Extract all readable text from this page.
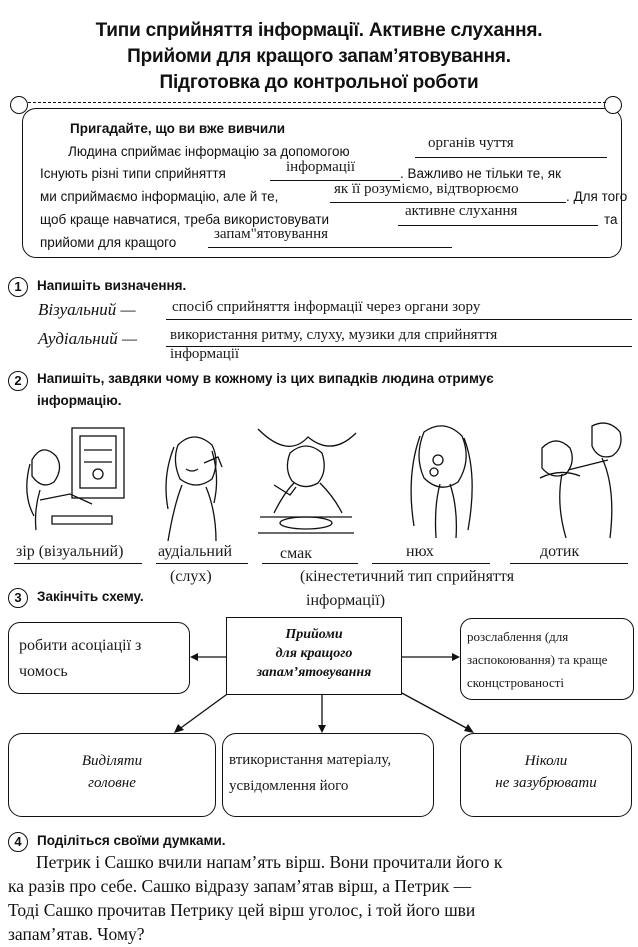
Типи сприйняття інформації. Активне слухання.
Прийоми для кращого запам’ятовування.
Підготовка до контрольної роботи
Пригадайте, що ви вже вивчили
Людина сприймає інформацію за допомогою
органів чуття
Існують різні типи сприйняття	інформації	. Важливо не тільки те, як
ми сприймаємо інформацію, але й те,	як її розуміємо, відтворюємо	. Для того
щоб краще навчатися, треба використовувати
активне слухання
та
прийоми для кращого
запам"ятовування
1	Напишіть визначення.
Візуальний — спосіб сприйняття інформації через органи зору
Аудіальний — використання ритму, слуху, музики для сприйняття
інформації
2	Напишіть, завдяки чому в кожному із цих випадків людина отримує
інформацію.
зір (візуальний) аудіальний	смак	нюх	дотик
(слух)	(кінестетичний тип сприйняття
інформації)
3	Закінчіть схему.
Прийоми
для кращого
запам’ятовування
робити асоціації з
чомось
розслаблення (для
заспокоювання) та краще
сконцстрованості
Виділяти
головне
втикористання матеріалу,
усвідомлення його
Ніколи
не зазубрювати
4	Поділіться своїми думками.
Петрик і Сашко вчили напам’ять вірш. Вони прочитали його к
ка разів про себе. Сашко відразу запам’ятав вірш, а Петрик —
Тоді Сашко прочитав Петрику цей вірш уголос, і той його шви
запам’ятав. Чому?
